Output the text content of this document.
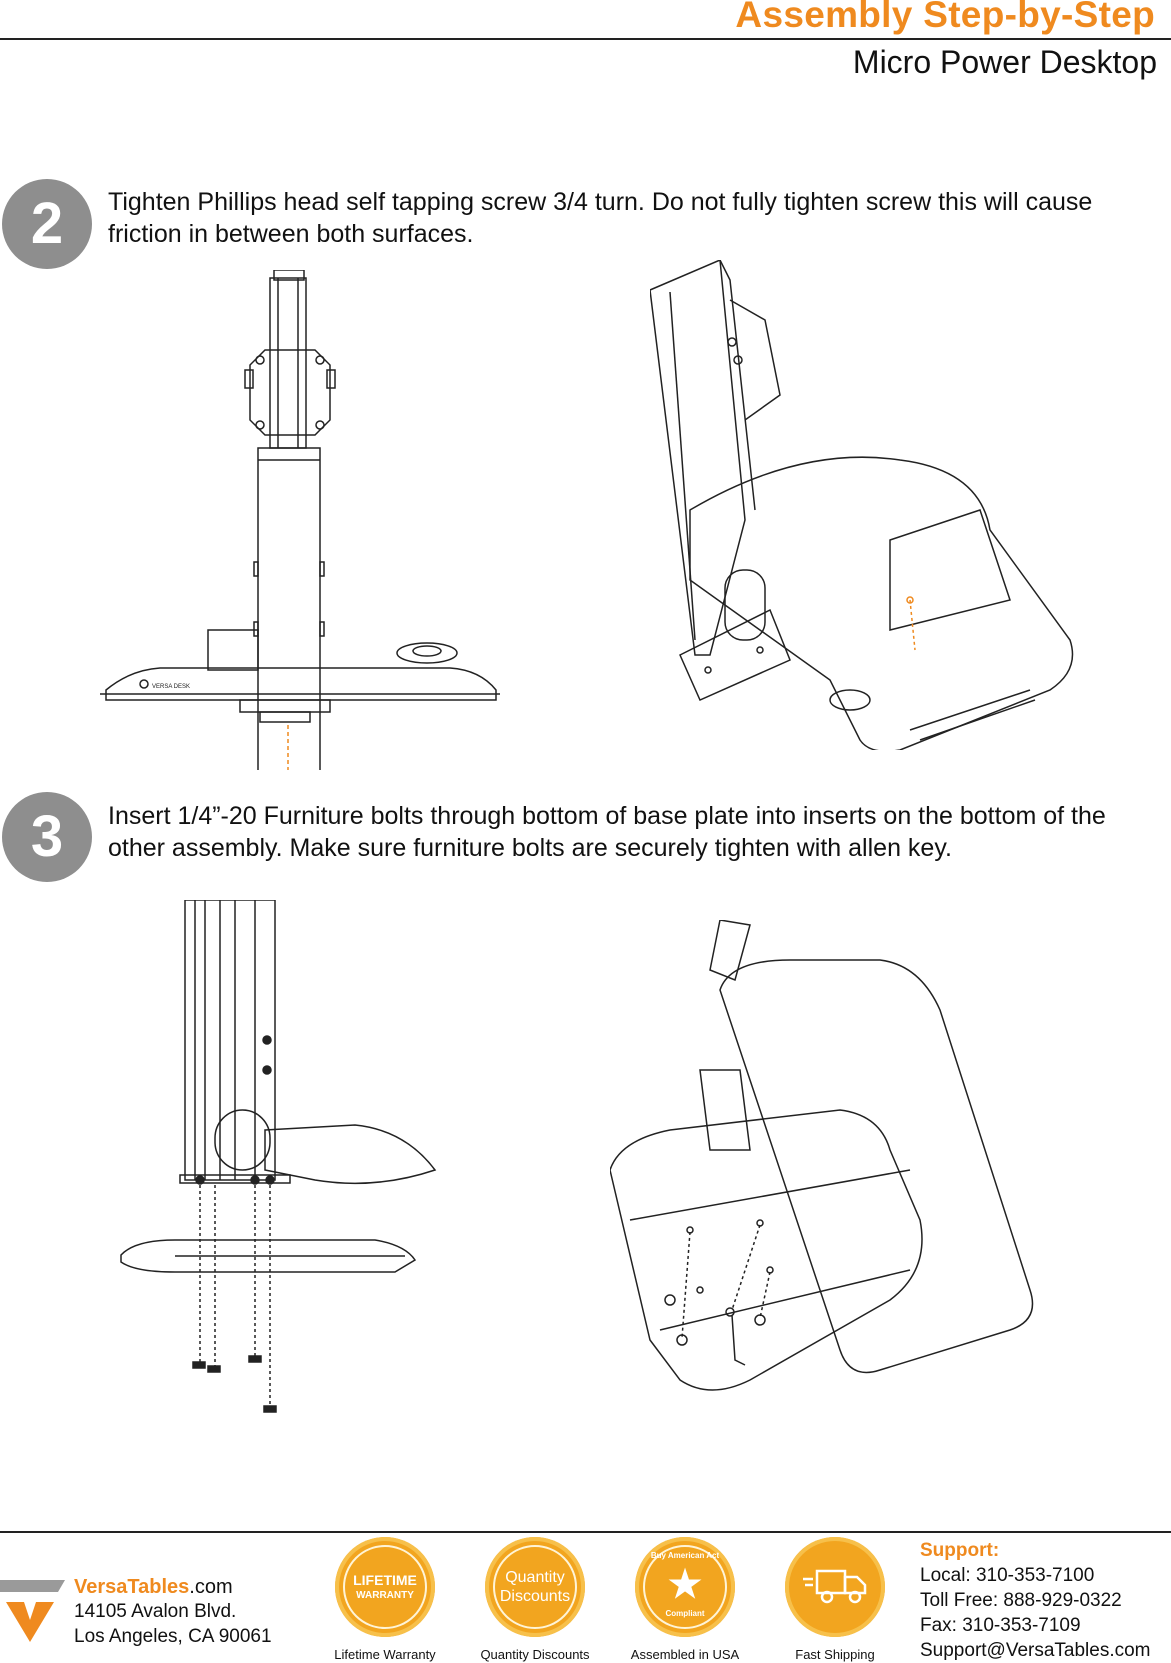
Assembly Step-by-Step
Micro Power Desktop
2	Tighten Phillips head self tapping screw 3/4 turn. Do not fully tighten screw this will cause friction in between both surfaces.
VERSA DESK
3	Insert 1/4”-20 Furniture bolts through bottom of base plate into inserts on the bottom of the other assembly. Make sure furniture bolts are securely tighten with allen key.
VersaTables.com
14105 Avalon Blvd.
Los Angeles, CA 90061
LIFETIME
WARRANTY
Lifetime Warranty
Quantity
Discounts
Quantity Discounts
Buy American Act
★
Compliant
Assembled in USA	Fast Shipping
Support:
Local: 310-353-7100
Toll Free: 888-929-0322
Fax: 310-353-7109
Support@VersaTables.com
